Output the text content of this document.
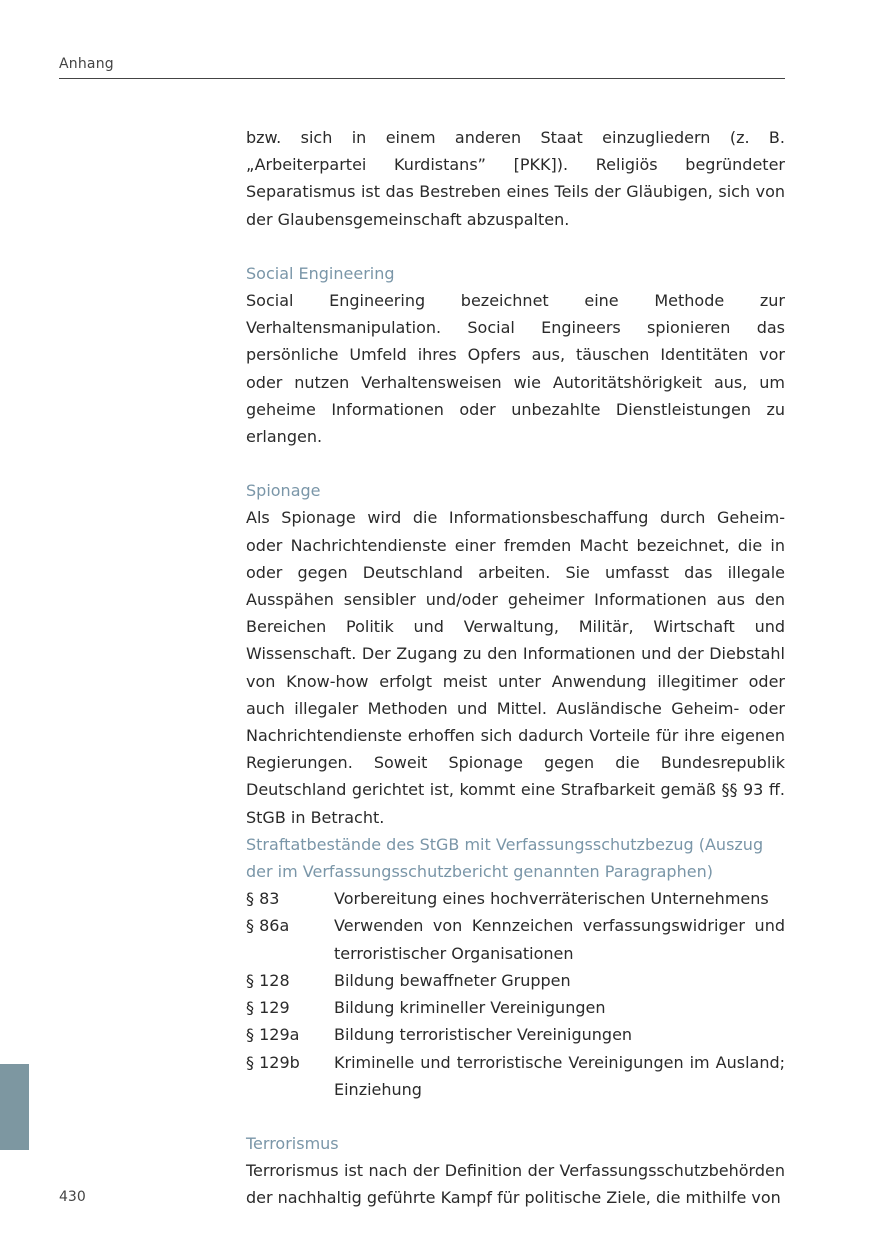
Anhang

bzw. sich in einem anderen Staat einzugliedern (z. B. „Arbeiterpartei Kurdistans” [PKK]). Religiös begründeter Separatismus ist das Bestreben eines Teils der Gläubigen, sich von der Glaubensgemeinschaft abzuspalten.

Social Engineering

Social Engineering bezeichnet eine Methode zur Verhaltensmanipulation. Social Engineers spionieren das persönliche Umfeld ihres Opfers aus, täuschen Identitäten vor oder nutzen Verhaltensweisen wie Autoritätshörigkeit aus, um geheime Informationen oder unbezahlte Dienstleistungen zu erlangen.

Spionage

Als Spionage wird die Informationsbeschaffung durch Geheim- oder Nachrichtendienste einer fremden Macht bezeichnet, die in oder gegen Deutschland arbeiten. Sie umfasst das illegale Ausspähen sensibler und/oder geheimer Informationen aus den Bereichen Politik und Verwaltung, Militär, Wirtschaft und Wissenschaft. Der Zugang zu den Informationen und der Diebstahl von Know-how erfolgt meist unter Anwendung illegitimer oder auch illegaler Methoden und Mittel. Ausländische Geheim- oder Nachrichtendienste erhoffen sich dadurch Vorteile für ihre eigenen Regierungen. Soweit Spionage gegen die Bundesrepublik Deutschland gerichtet ist, kommt eine Strafbarkeit gemäß §§ 93 ff. StGB in Betracht.

Straftatbestände des StGB mit Verfassungsschutzbezug (Auszug der im Verfassungsschutzbericht genannten Paragraphen)

§ 83	Vorbereitung eines hochverräterischen Unternehmens
§ 86a	Verwenden von Kennzeichen verfassungswidriger und terroristischer Organisationen
§ 128	Bildung bewaffneter Gruppen
§ 129	Bildung krimineller Vereinigungen
§ 129a	Bildung terroristischer Vereinigungen
§ 129b	Kriminelle und terroristische Vereinigungen im Ausland; Einziehung

Terrorismus

Terrorismus ist nach der Definition der Verfassungsschutzbehörden der nachhaltig geführte Kampf für politische Ziele, die mithilfe von

430
